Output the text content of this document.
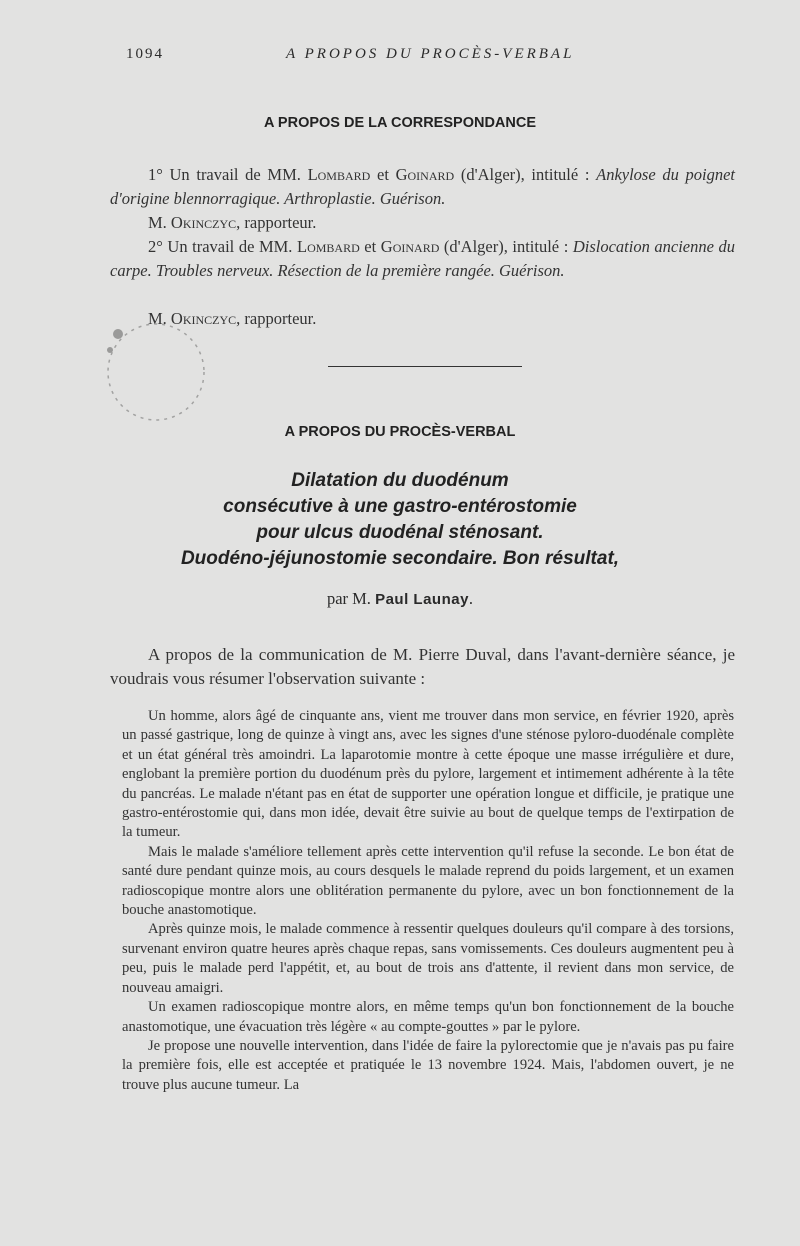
1094	A PROPOS DU PROCÈS-VERBAL
A PROPOS DE LA CORRESPONDANCE
1° Un travail de MM. Lombard et Goinard (d'Alger), intitulé : Ankylose du poignet d'origine blennorragique. Arthroplastie. Guérison.
M. Okinczyc, rapporteur.
2° Un travail de MM. Lombard et Goinard (d'Alger), intitulé : Dislocation ancienne du carpe. Troubles nerveux. Résection de la première rangée. Guérison.
M. Okinczyc, rapporteur.
A PROPOS DU PROCÈS-VERBAL
Dilatation du duodénum
consécutive à une gastro-entérostomie
pour ulcus duodénal sténosant.
Duodéno-jéjunostomie secondaire. Bon résultat,
par M. Paul Launay.
A propos de la communication de M. Pierre Duval, dans l'avant-dernière séance, je voudrais vous résumer l'observation suivante :

Un homme, alors âgé de cinquante ans, vient me trouver dans mon service, en février 1920, après un passé gastrique, long de quinze à vingt ans, avec les signes d'une sténose pyloro-duodénale complète et un état général très amoindri. La laparotomie montre à cette époque une masse irrégulière et dure, englobant la première portion du duodénum près du pylore, largement et intimement adhérente à la tête du pancréas. Le malade n'étant pas en état de supporter une opération longue et difficile, je pratique une gastro-entérostomie qui, dans mon idée, devait être suivie au bout de quelque temps de l'extirpation de la tumeur.

Mais le malade s'améliore tellement après cette intervention qu'il refuse la seconde. Le bon état de santé dure pendant quinze mois, au cours desquels le malade reprend du poids largement, et un examen radioscopique montre alors une oblitération permanente du pylore, avec un bon fonctionnement de la bouche anastomotique.

Après quinze mois, le malade commence à ressentir quelques douleurs qu'il compare à des torsions, survenant environ quatre heures après chaque repas, sans vomissements. Ces douleurs augmentent peu à peu, puis le malade perd l'appétit, et, au bout de trois ans d'attente, il revient dans mon service, de nouveau amaigri.

Un examen radioscopique montre alors, en même temps qu'un bon fonctionnement de la bouche anastomotique, une évacuation très légère « au compte-gouttes » par le pylore.

Je propose une nouvelle intervention, dans l'idée de faire la pylorectomie que je n'avais pas pu faire la première fois, elle est acceptée et pratiquée le 13 novembre 1924. Mais, l'abdomen ouvert, je ne trouve plus aucune tumeur. La
